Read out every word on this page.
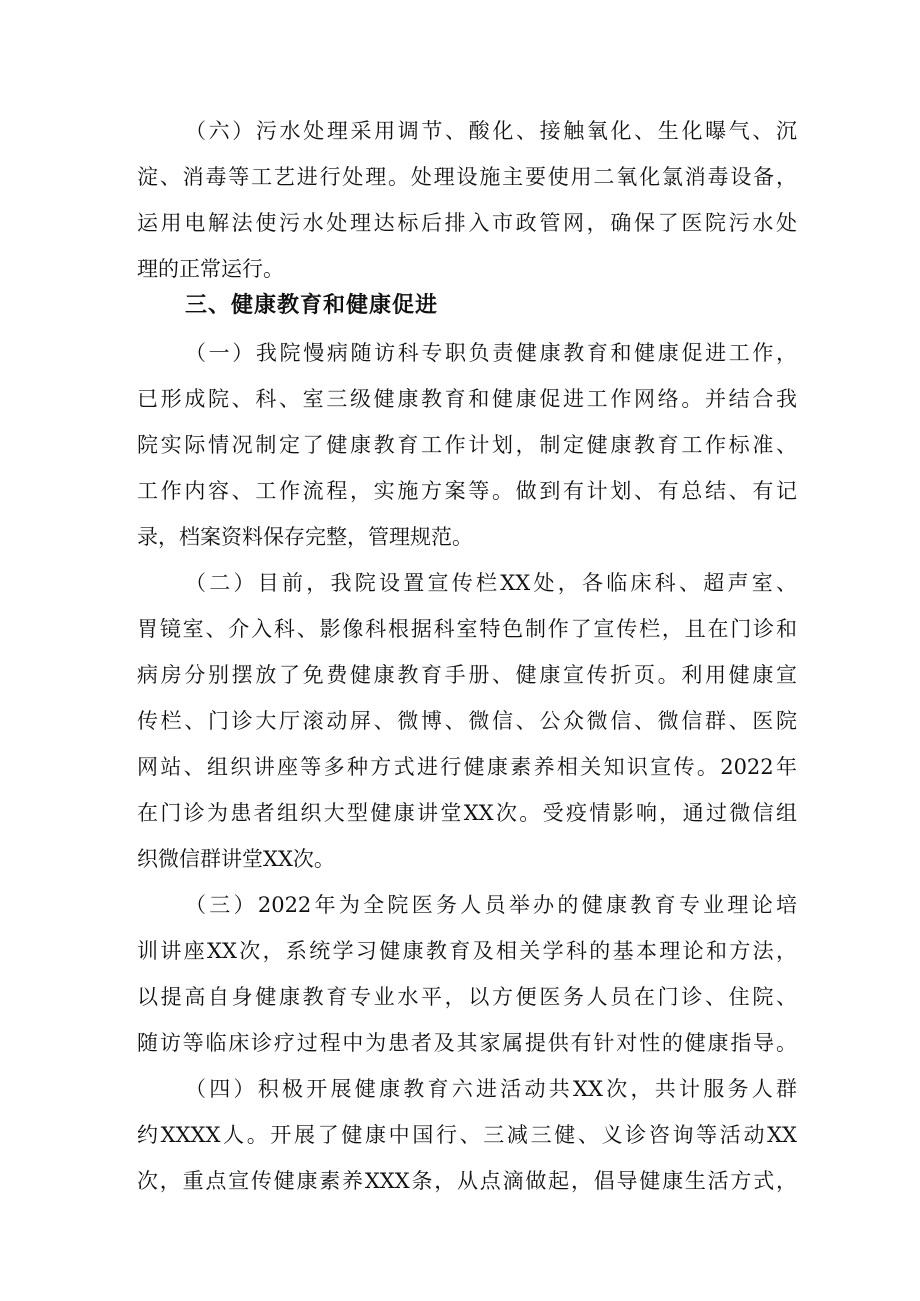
（六）污水处理采用调节、酸化、接触氧化、生化曝气、沉
淀、消毒等工艺进行处理。处理设施主要使用二氧化氯消毒设备，
运用电解法使污水处理达标后排入市政管网，确保了医院污水处
理的正常运行。
三、健康教育和健康促进
（一）我院慢病随访科专职负责健康教育和健康促进工作，
已形成院、科、室三级健康教育和健康促进工作网络。并结合我
院实际情况制定了健康教育工作计划，制定健康教育工作标准、
工作内容、工作流程，实施方案等。做到有计划、有总结、有记
录，档案资料保存完整，管理规范。
（二）目前，我院设置宣传栏XX处，各临床科、超声室、
胃镜室、介入科、影像科根据科室特色制作了宣传栏，且在门诊和
病房分别摆放了免费健康教育手册、健康宣传折页。利用健康宣
传栏、门诊大厅滚动屏、微博、微信、公众微信、微信群、医院
网站、组织讲座等多种方式进行健康素养相关知识宣传。2022年
在门诊为患者组织大型健康讲堂XX次。受疫情影响，通过微信组
织微信群讲堂XX次。
（三）2022年为全院医务人员举办的健康教育专业理论培
训讲座XX次，系统学习健康教育及相关学科的基本理论和方法，
以提高自身健康教育专业水平，以方便医务人员在门诊、住院、
随访等临床诊疗过程中为患者及其家属提供有针对性的健康指导。
（四）积极开展健康教育六进活动共XX次，共计服务人群
约XXXX人。开展了健康中国行、三减三健、义诊咨询等活动XX
次，重点宣传健康素养XXX条，从点滴做起，倡导健康生活方式，
